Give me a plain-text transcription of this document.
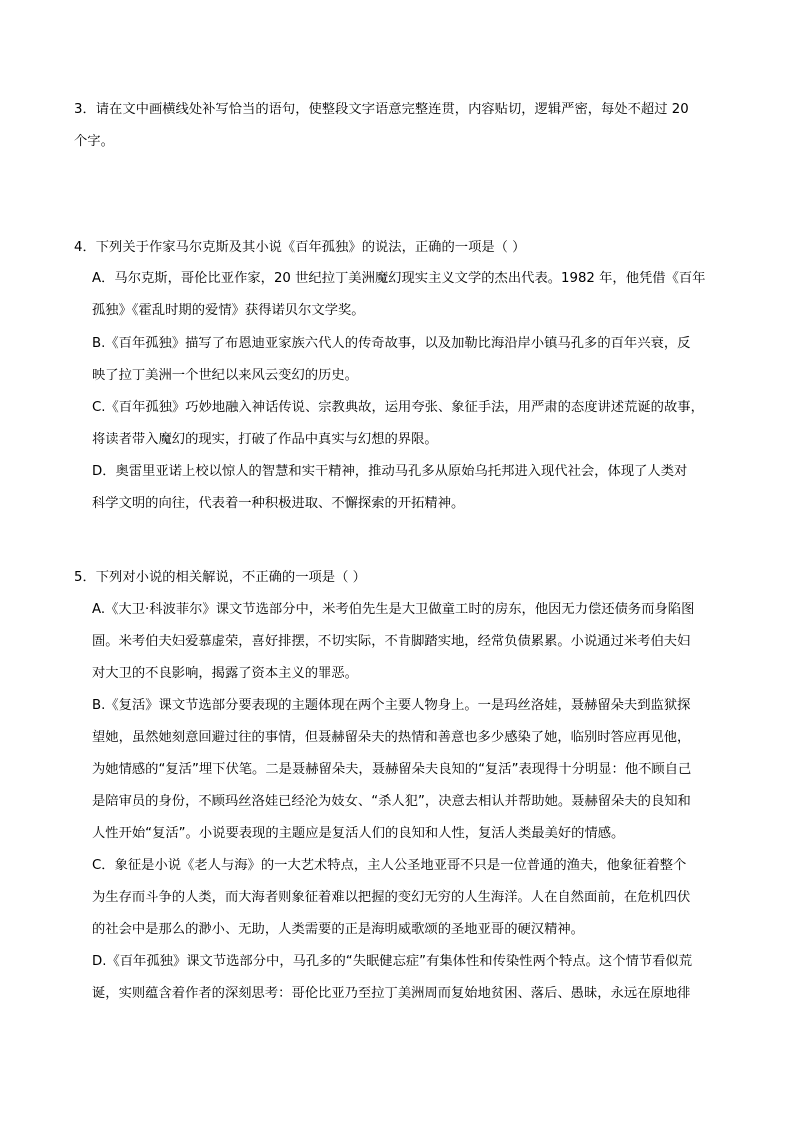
3．请在文中画横线处补写恰当的语句，使整段文字语意完整连贯，内容贴切，逻辑严密，每处不超过 20
个字。
4．下列关于作家马尔克斯及其小说《百年孤独》的说法，正确的一项是（ ）
A．马尔克斯，哥伦比亚作家，20 世纪拉丁美洲魔幻现实主义文学的杰出代表。1982 年，他凭借《百年
孤独》《霍乱时期的爱情》获得诺贝尔文学奖。
B.《百年孤独》描写了布恩迪亚家族六代人的传奇故事，以及加勒比海沿岸小镇马孔多的百年兴衰，反
映了拉丁美洲一个世纪以来风云变幻的历史。
C.《百年孤独》巧妙地融入神话传说、宗教典故，运用夸张、象征手法，用严肃的态度讲述荒诞的故事，
将读者带入魔幻的现实，打破了作品中真实与幻想的界限。
D．奥雷里亚诺上校以惊人的智慧和实干精神，推动马孔多从原始乌托邦进入现代社会，体现了人类对
科学文明的向往，代表着一种积极进取、不懈探索的开拓精神。
5．下列对小说的相关解说，不正确的一项是（ ）
A.《大卫·科波菲尔》课文节选部分中，米考伯先生是大卫做童工时的房东，他因无力偿还债务而身陷图
圄。米考伯夫妇爱慕虚荣，喜好排摆，不切实际，不肯脚踏实地，经常负债累累。小说通过米考伯夫妇
对大卫的不良影响，揭露了资本主义的罪恶。
B.《复活》课文节选部分要表现的主题体现在两个主要人物身上。一是玛丝洛娃，聂赫留朵夫到监狱探
望她，虽然她刻意回避过往的事情，但聂赫留朵夫的热情和善意也多少感染了她，临别时答应再见他，
为她情感的“复活”埋下伏笔。二是聂赫留朵夫，聂赫留朵夫良知的“复活”表现得十分明显：他不顾自己
是陪审员的身份，不顾玛丝洛娃已经沦为妓女、“杀人犯”，决意去相认并帮助她。聂赫留朵夫的良知和
人性开始“复活”。小说要表现的主题应是复活人们的良知和人性，复活人类最美好的情感。
C．象征是小说《老人与海》的一大艺术特点，主人公圣地亚哥不只是一位普通的渔夫，他象征着整个
为生存而斗争的人类，而大海者则象征着难以把握的变幻无穷的人生海洋。人在自然面前，在危机四伏
的社会中是那么的渺小、无助，人类需要的正是海明威歌颂的圣地亚哥的硬汉精神。
D.《百年孤独》课文节选部分中，马孔多的“失眠健忘症”有集体性和传染性两个特点。这个情节看似荒
诞，实则蕴含着作者的深刻思考：哥伦比亚乃至拉丁美洲周而复始地贫困、落后、愚昧，永远在原地徘
